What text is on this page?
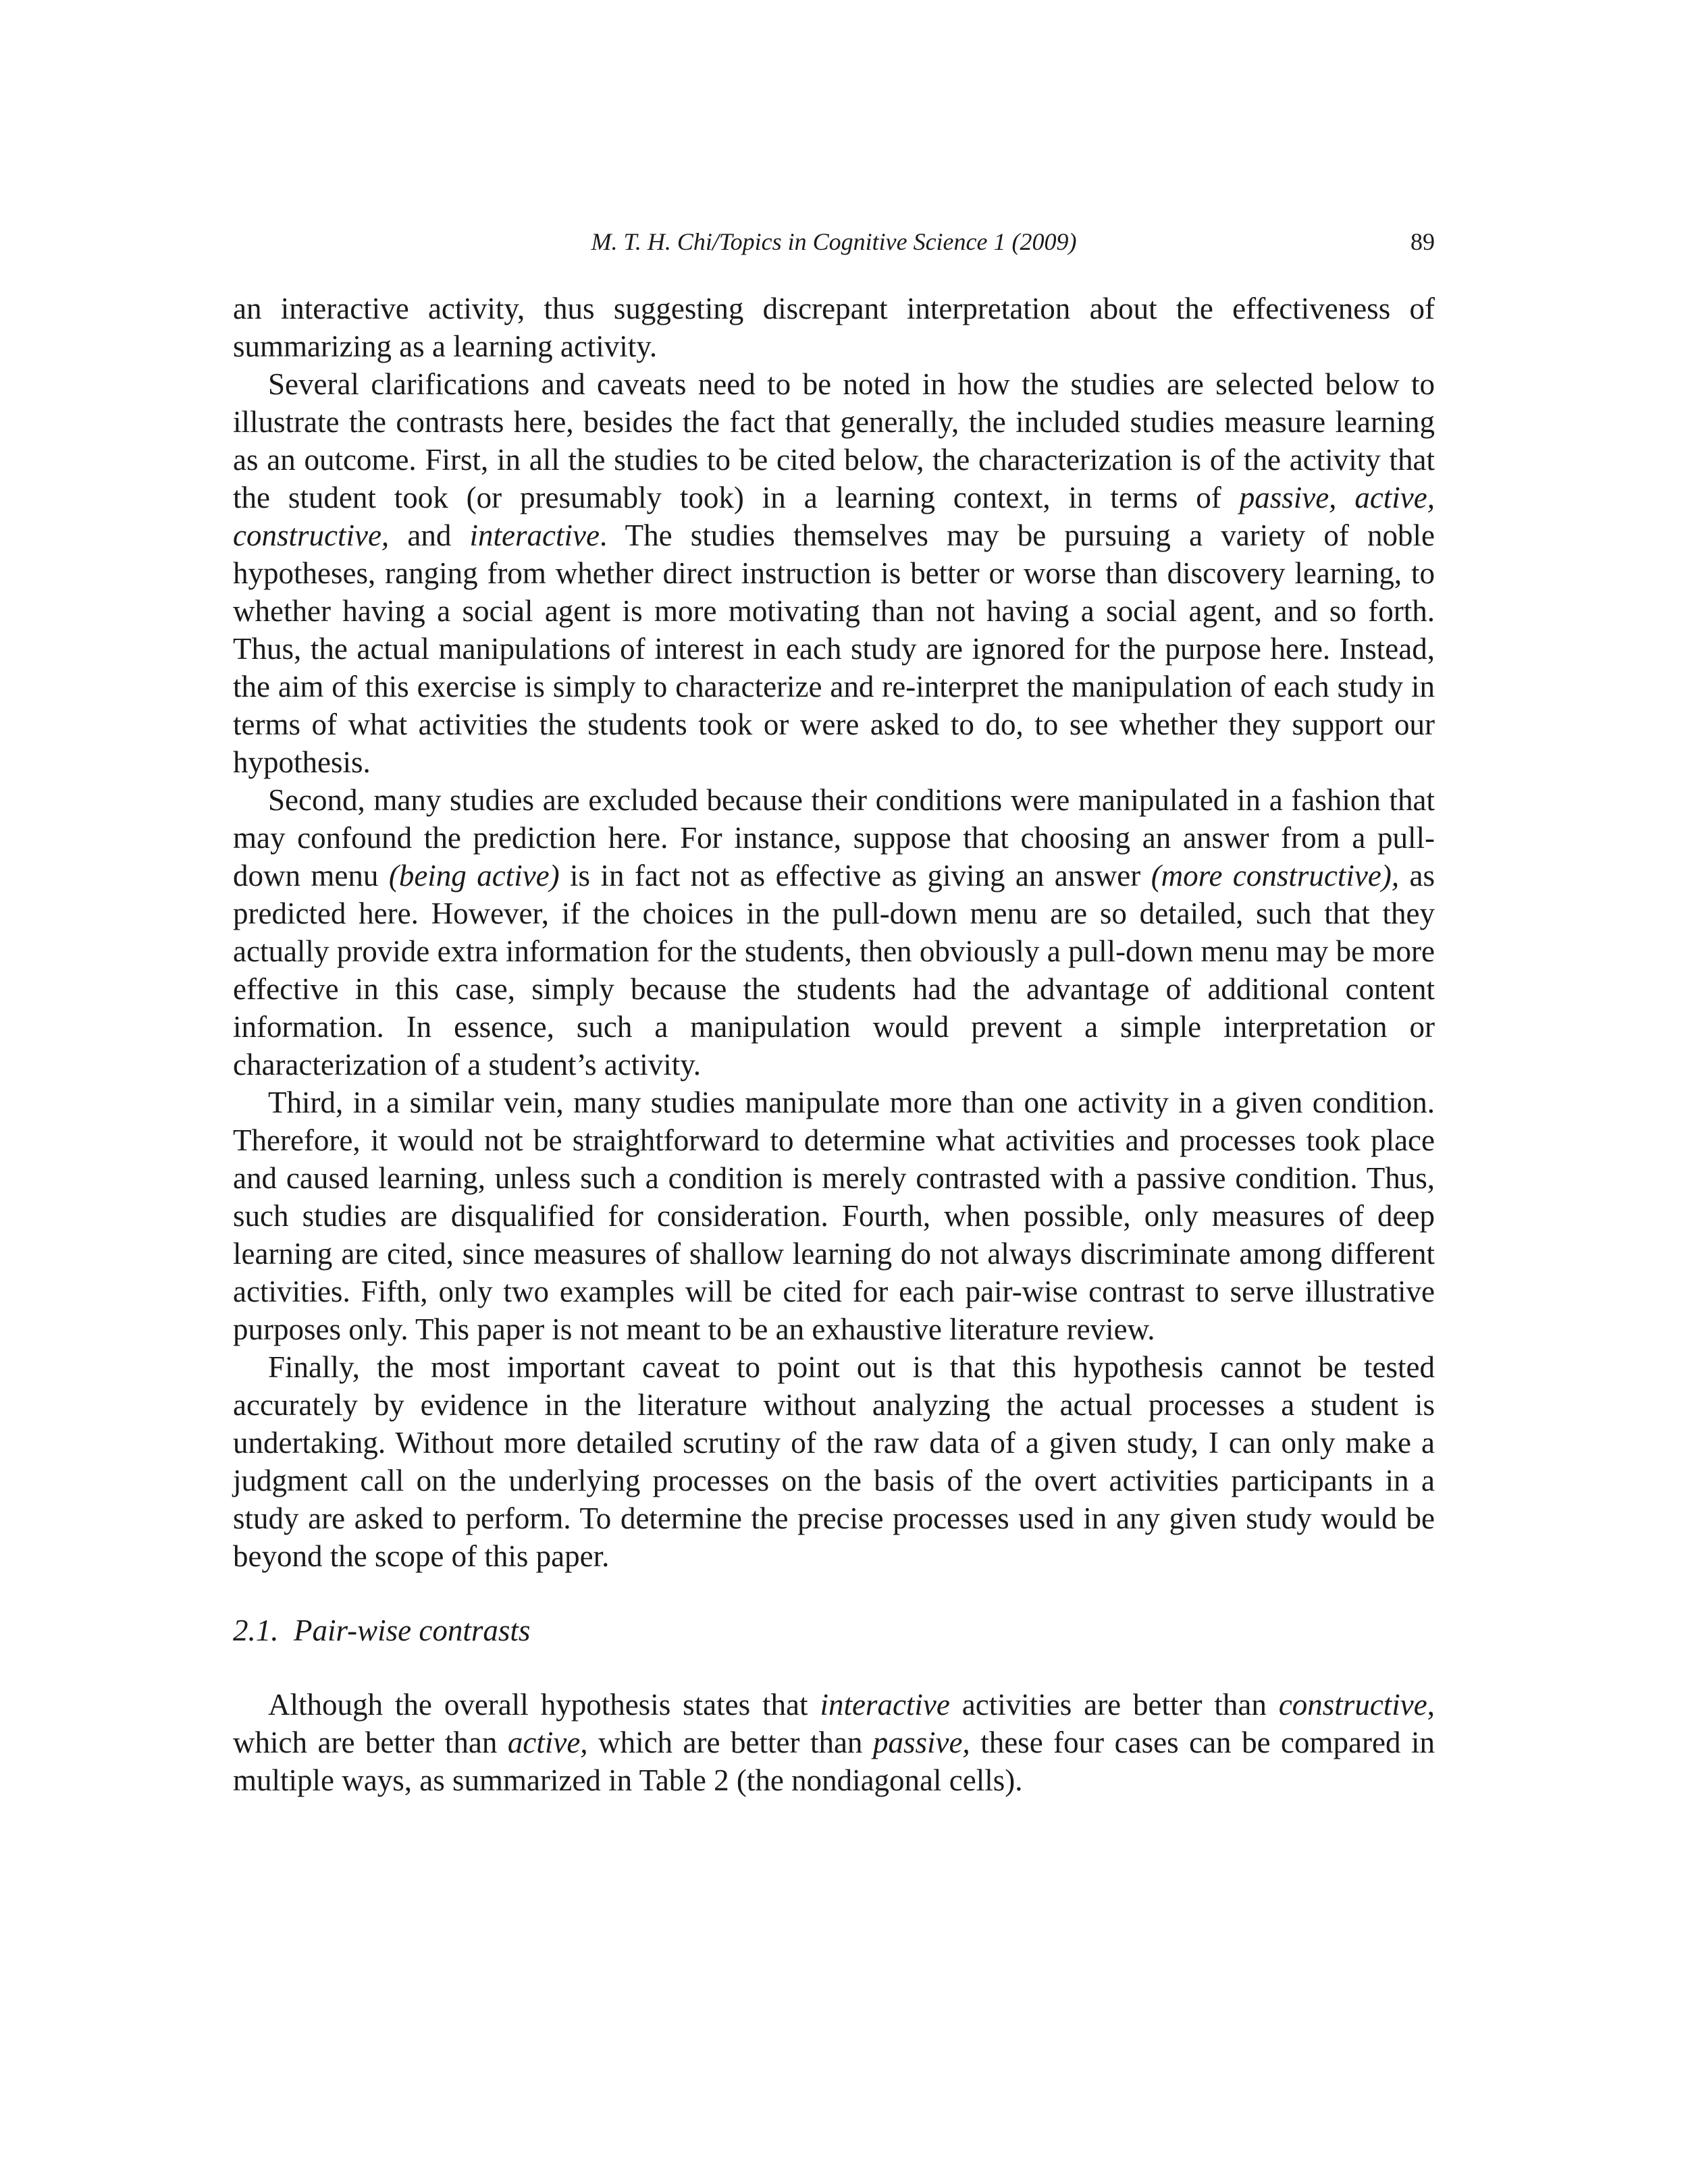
M. T. H. Chi/Topics in Cognitive Science 1 (2009)	89

an interactive activity, thus suggesting discrepant interpretation about the effectiveness of summarizing as a learning activity.

Several clarifications and caveats need to be noted in how the studies are selected below to illustrate the contrasts here, besides the fact that generally, the included studies measure learning as an outcome. First, in all the studies to be cited below, the characterization is of the activity that the student took (or presumably took) in a learning context, in terms of passive, active, constructive, and interactive. The studies themselves may be pursuing a variety of noble hypotheses, ranging from whether direct instruction is better or worse than discovery learning, to whether having a social agent is more motivating than not having a social agent, and so forth. Thus, the actual manipulations of interest in each study are ignored for the purpose here. Instead, the aim of this exercise is simply to characterize and re-interpret the manipulation of each study in terms of what activities the students took or were asked to do, to see whether they support our hypothesis.

Second, many studies are excluded because their conditions were manipulated in a fashion that may confound the prediction here. For instance, suppose that choosing an answer from a pull-down menu (being active) is in fact not as effective as giving an answer (more constructive), as predicted here. However, if the choices in the pull-down menu are so detailed, such that they actually provide extra information for the students, then obviously a pull-down menu may be more effective in this case, simply because the students had the advantage of additional content information. In essence, such a manipulation would prevent a simple interpretation or characterization of a student’s activity.

Third, in a similar vein, many studies manipulate more than one activity in a given condition. Therefore, it would not be straightforward to determine what activities and processes took place and caused learning, unless such a condition is merely contrasted with a passive condition. Thus, such studies are disqualified for consideration. Fourth, when possible, only measures of deep learning are cited, since measures of shallow learning do not always discriminate among different activities. Fifth, only two examples will be cited for each pair-wise contrast to serve illustrative purposes only. This paper is not meant to be an exhaustive literature review.

Finally, the most important caveat to point out is that this hypothesis cannot be tested accurately by evidence in the literature without analyzing the actual processes a student is undertaking. Without more detailed scrutiny of the raw data of a given study, I can only make a judgment call on the underlying processes on the basis of the overt activities participants in a study are asked to perform. To determine the precise processes used in any given study would be beyond the scope of this paper.

2.1.  Pair-wise contrasts

Although the overall hypothesis states that interactive activities are better than constructive, which are better than active, which are better than passive, these four cases can be compared in multiple ways, as summarized in Table 2 (the nondiagonal cells).
